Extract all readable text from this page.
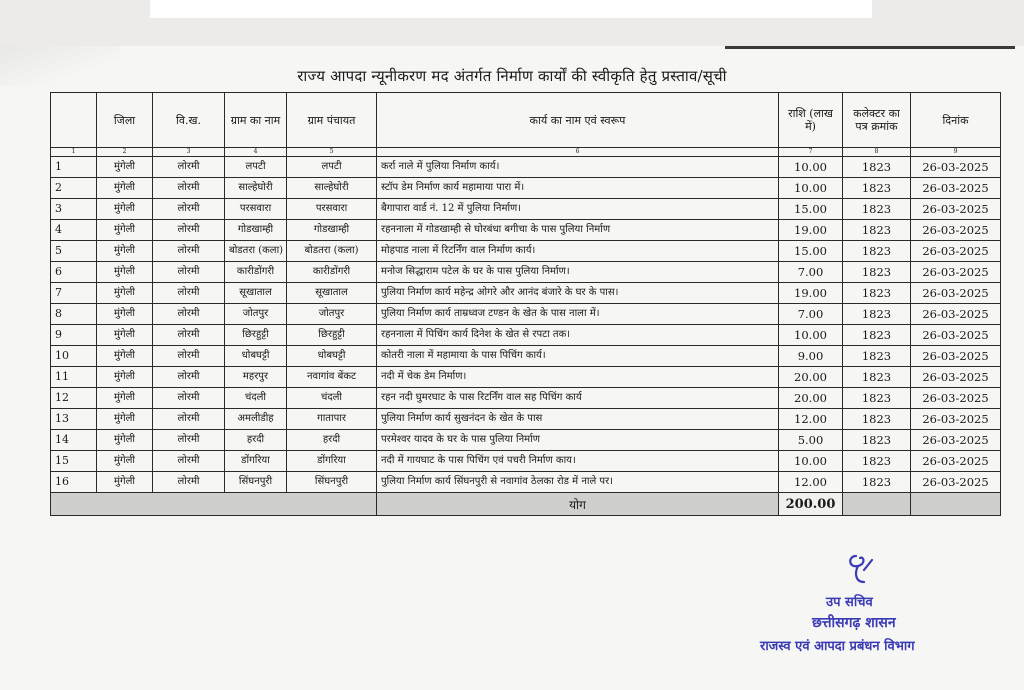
राज्य आपदा न्यूनीकरण मद अंतर्गत निर्माण कार्यों की स्वीकृति हेतु प्रस्ताव/सूची
	जिला	वि.ख.	ग्राम का नाम	ग्राम पंचायत	कार्य का नाम एवं स्वरूप	राशि (लाख में)	कलेक्टर का पत्र क्रमांक	दिनांक
1	2	3	4	5	6	7	8	9
1	मुंगेली	लोरमी	लपटी	लपटी	कर्रा नाले में पुलिया निर्माण कार्य।	10.00	1823	26-03-2025
2	मुंगेली	लोरमी	साल्हेघोरी	साल्हेघोरी	स्टॉप डेम निर्माण कार्य महामाया पारा में।	10.00	1823	26-03-2025
3	मुंगेली	लोरमी	परसवारा	परसवारा	बैगापारा वार्ड नं. 12 में पुलिया निर्माण।	15.00	1823	26-03-2025
4	मुंगेली	लोरमी	गोडखाम्ही	गोडखाम्ही	रहननाला में गोडखाम्ही से घोरबंधा बगीचा के पास पुलिया निर्माण	19.00	1823	26-03-2025
5	मुंगेली	लोरमी	बोडतरा (कला)	बोडतरा (कला)	मोहपाड नाला में रिटर्निंग वाल निर्माण कार्य।	15.00	1823	26-03-2025
6	मुंगेली	लोरमी	कारीडोंगरी	कारीडोंगरी	मनोज सिद्धाराम पटेल के घर के पास पुलिया निर्माण।	7.00	1823	26-03-2025
7	मुंगेली	लोरमी	सूखाताल	सूखाताल	पुलिया निर्माण कार्य महेन्द्र ओगरे और आनंद बंजारे के घर के पास।	19.00	1823	26-03-2025
8	मुंगेली	लोरमी	जोतपुर	जोतपुर	पुलिया निर्माण कार्य ताम्रध्वज टण्डन के खेत के पास नाला में।	7.00	1823	26-03-2025
9	मुंगेली	लोरमी	छिरहुट्टी	छिरहुट्टी	रहननाला में पिचिंग कार्य दिनेश के खेत से रपटा तक।	10.00	1823	26-03-2025
10	मुंगेली	लोरमी	धोबघट्टी	धोबघट्टी	कोतरी नाला में महामाया के पास पिचिंग कार्य।	9.00	1823	26-03-2025
11	मुंगेली	लोरमी	महरपुर	नवागांव बेंकट	नदी में चेक डेम निर्माण।	20.00	1823	26-03-2025
12	मुंगेली	लोरमी	चंदली	चंदली	रहन नदी घुमरघाट के पास रिटर्निंग वाल सह पिचिंग कार्य	20.00	1823	26-03-2025
13	मुंगेली	लोरमी	अमलीडीह	गातापार	पुलिया निर्माण कार्य सुखनंदन के खेत के पास	12.00	1823	26-03-2025
14	मुंगेली	लोरमी	हरदी	हरदी	परमेश्वर यादव के घर के पास पुलिया निर्माण	5.00	1823	26-03-2025
15	मुंगेली	लोरमी	डोंगरिया	डोंगरिया	नदी में गायघाट के पास पिचिंग एवं पचरी निर्माण काय।	10.00	1823	26-03-2025
16	मुंगेली	लोरमी	सिंघनपुरी	सिंघनपुरी	पुलिया निर्माण कार्य सिंघनपुरी से नवागांव ठेलका रोड में नाले पर।	12.00	1823	26-03-2025
					योग	200.00		
उप सचिव
छत्तीसगढ़ शासन
राजस्व एवं आपदा प्रबंधन विभाग
